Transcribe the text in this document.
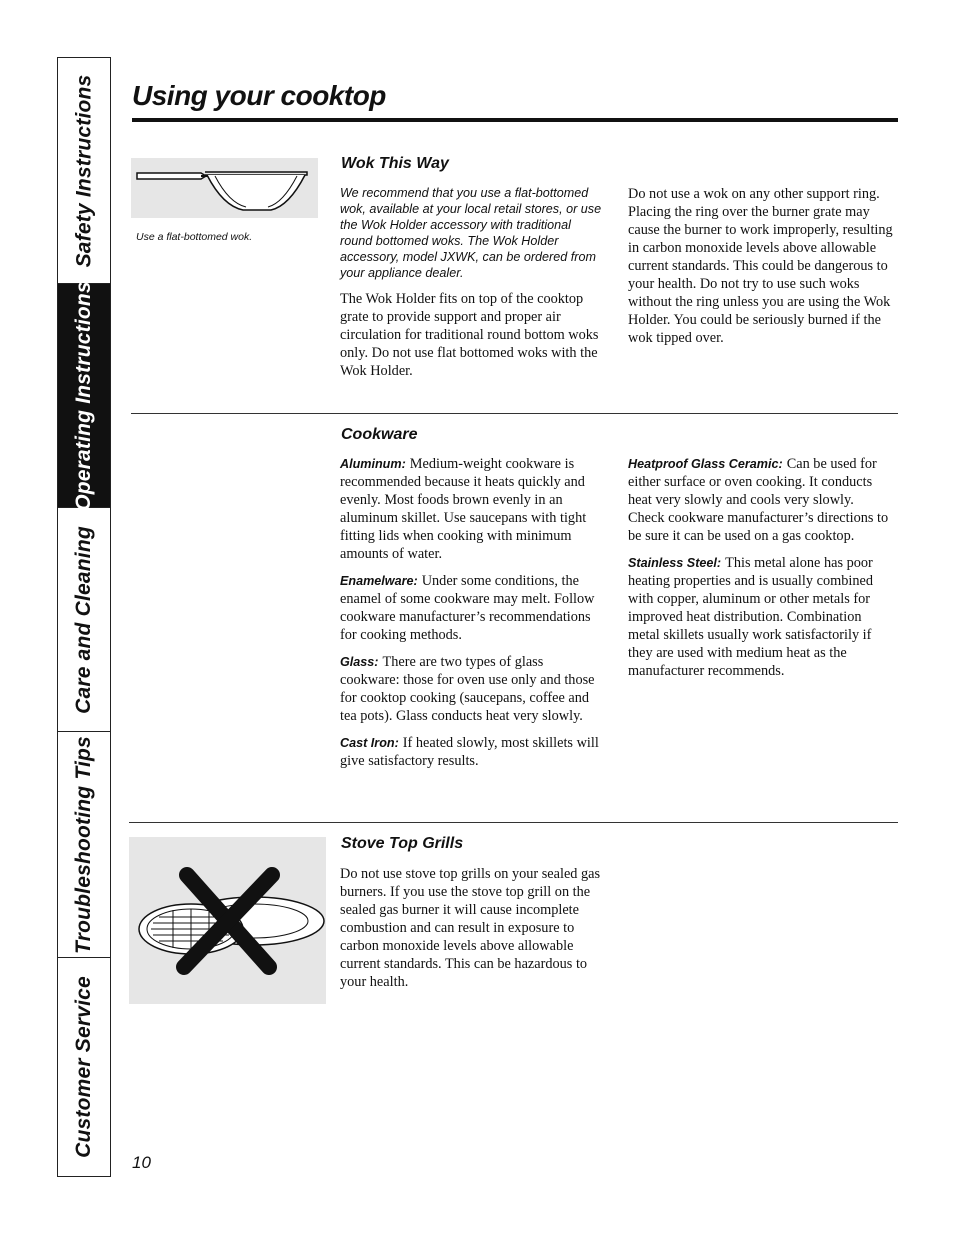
Safety Instructions
Operating Instructions
Care and Cleaning
Troubleshooting Tips
Customer Service
Using your cooktop
Use a flat-bottomed wok.
Wok This Way

We recommend that you use a flat-bottomed wok, available at your local retail stores, or use the Wok Holder accessory with traditional round bottomed woks. The Wok Holder accessory, model JXWK, can be ordered from your appliance dealer.

The Wok Holder fits on top of the cooktop grate to provide support and proper air circulation for traditional round bottom woks only. Do not use flat bottomed woks with the Wok Holder.

Do not use a wok on any other support ring. Placing the ring over the burner grate may cause the burner to work improperly, resulting in carbon monoxide levels above allowable current standards. This could be dangerous to your health. Do not try to use such woks without the ring unless you are using the Wok Holder. You could be seriously burned if the wok tipped over.

Cookware

Aluminum: Medium-weight cookware is recommended because it heats quickly and evenly. Most foods brown evenly in an aluminum skillet. Use saucepans with tight fitting lids when cooking with minimum amounts of water.

Enamelware: Under some conditions, the enamel of some cookware may melt. Follow cookware manufacturer’s recommendations for cooking methods.

Glass: There are two types of glass cookware: those for oven use only and those for cooktop cooking (saucepans, coffee and tea pots). Glass conducts heat very slowly.

Cast Iron: If heated slowly, most skillets will give satisfactory results.

Heatproof Glass Ceramic: Can be used for either surface or oven cooking. It conducts heat very slowly and cools very slowly. Check cookware manufacturer’s directions to be sure it can be used on a gas cooktop.

Stainless Steel: This metal alone has poor heating properties and is usually combined with copper, aluminum or other metals for improved heat distribution. Combination metal skillets usually work satisfactorily if they are used with medium heat as the manufacturer recommends.

Stove Top Grills

Do not use stove top grills on your sealed gas burners. If you use the stove top grill on the sealed gas burner it will cause incomplete combustion and can result in exposure to carbon monoxide levels above allowable current standards. This can be hazardous to your health.

10
